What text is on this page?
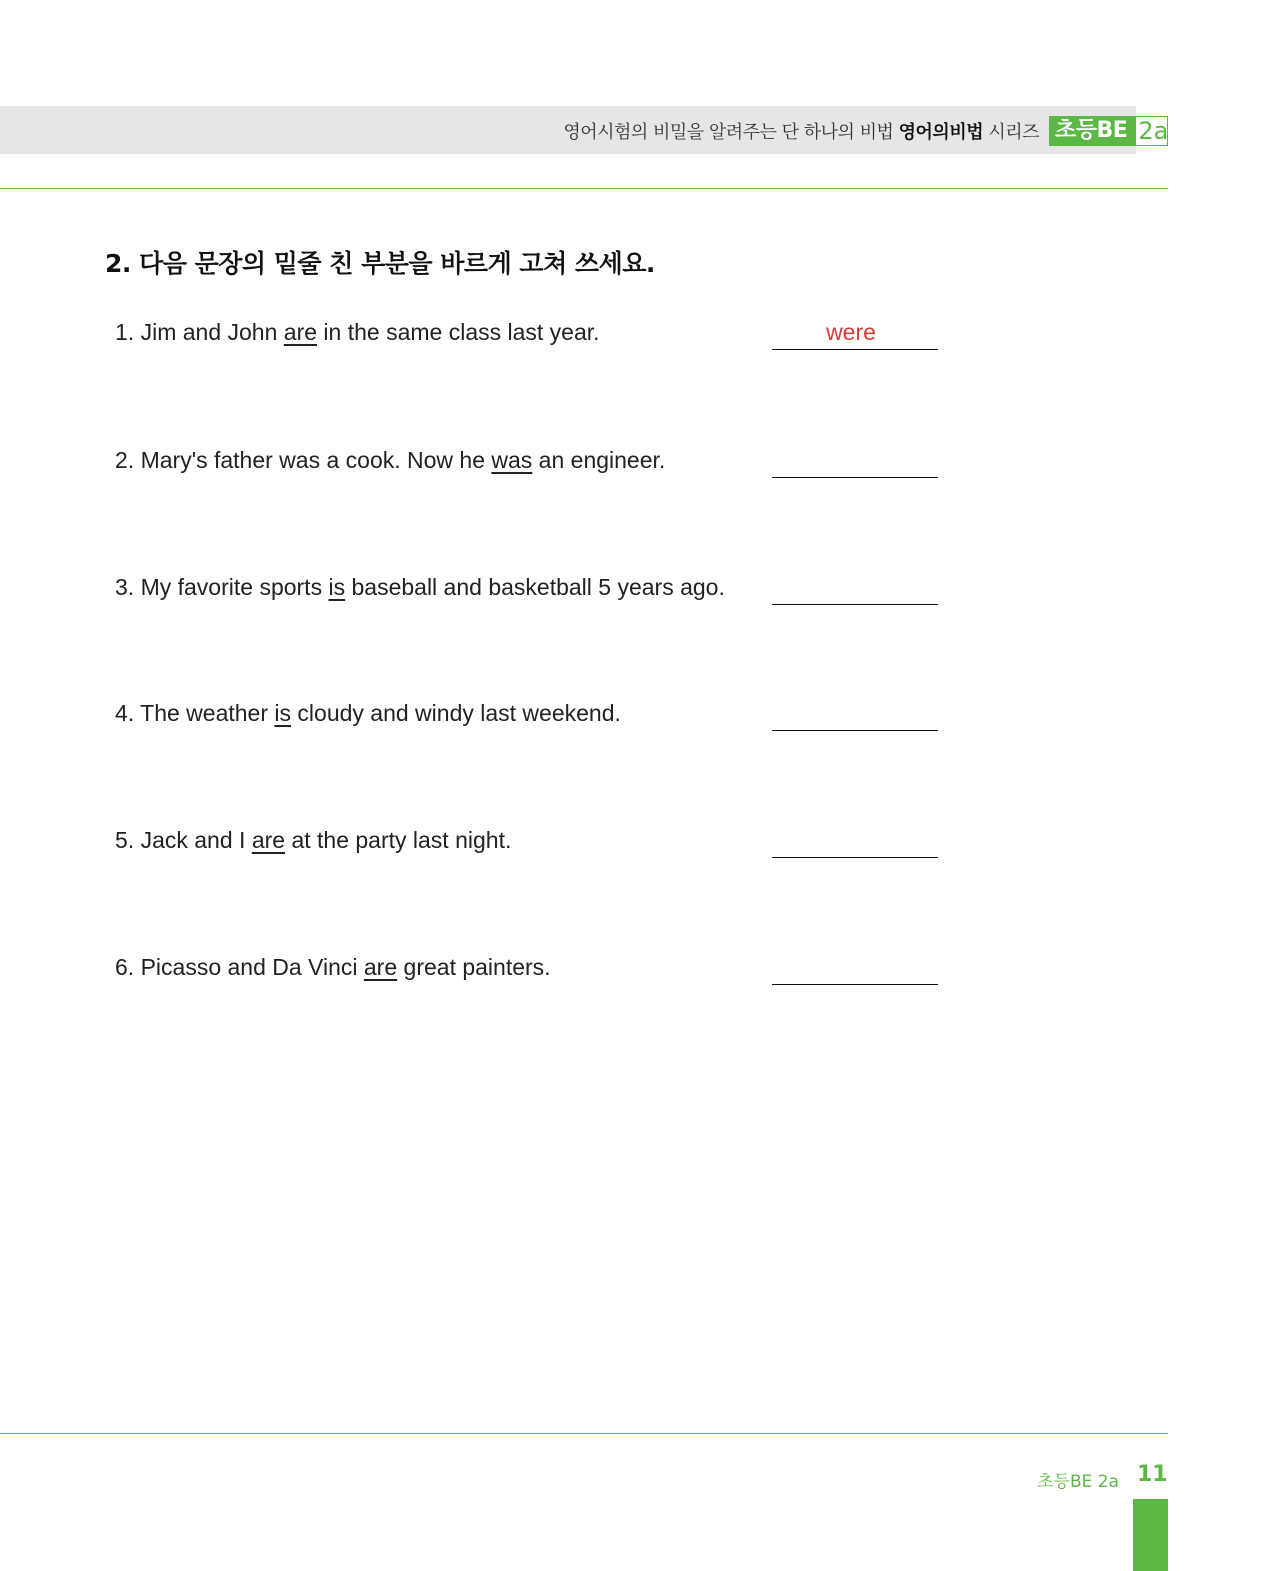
영어시험의 비밀을 알려주는 단 하나의 비법 영어의비법 시리즈 초등BE 2a
2. 다음 문장의 밑줄 친 부분을 바르게 고쳐 쓰세요.
1. Jim and John are in the same class last year.	were
2. Mary's father was a cook. Now he was an engineer.
3. My favorite sports is baseball and basketball 5 years ago.
4. The weather is cloudy and windy last weekend.
5. Jack and I are at the party last night.
6. Picasso and Da Vinci are great painters.
초등BE 2a 11
